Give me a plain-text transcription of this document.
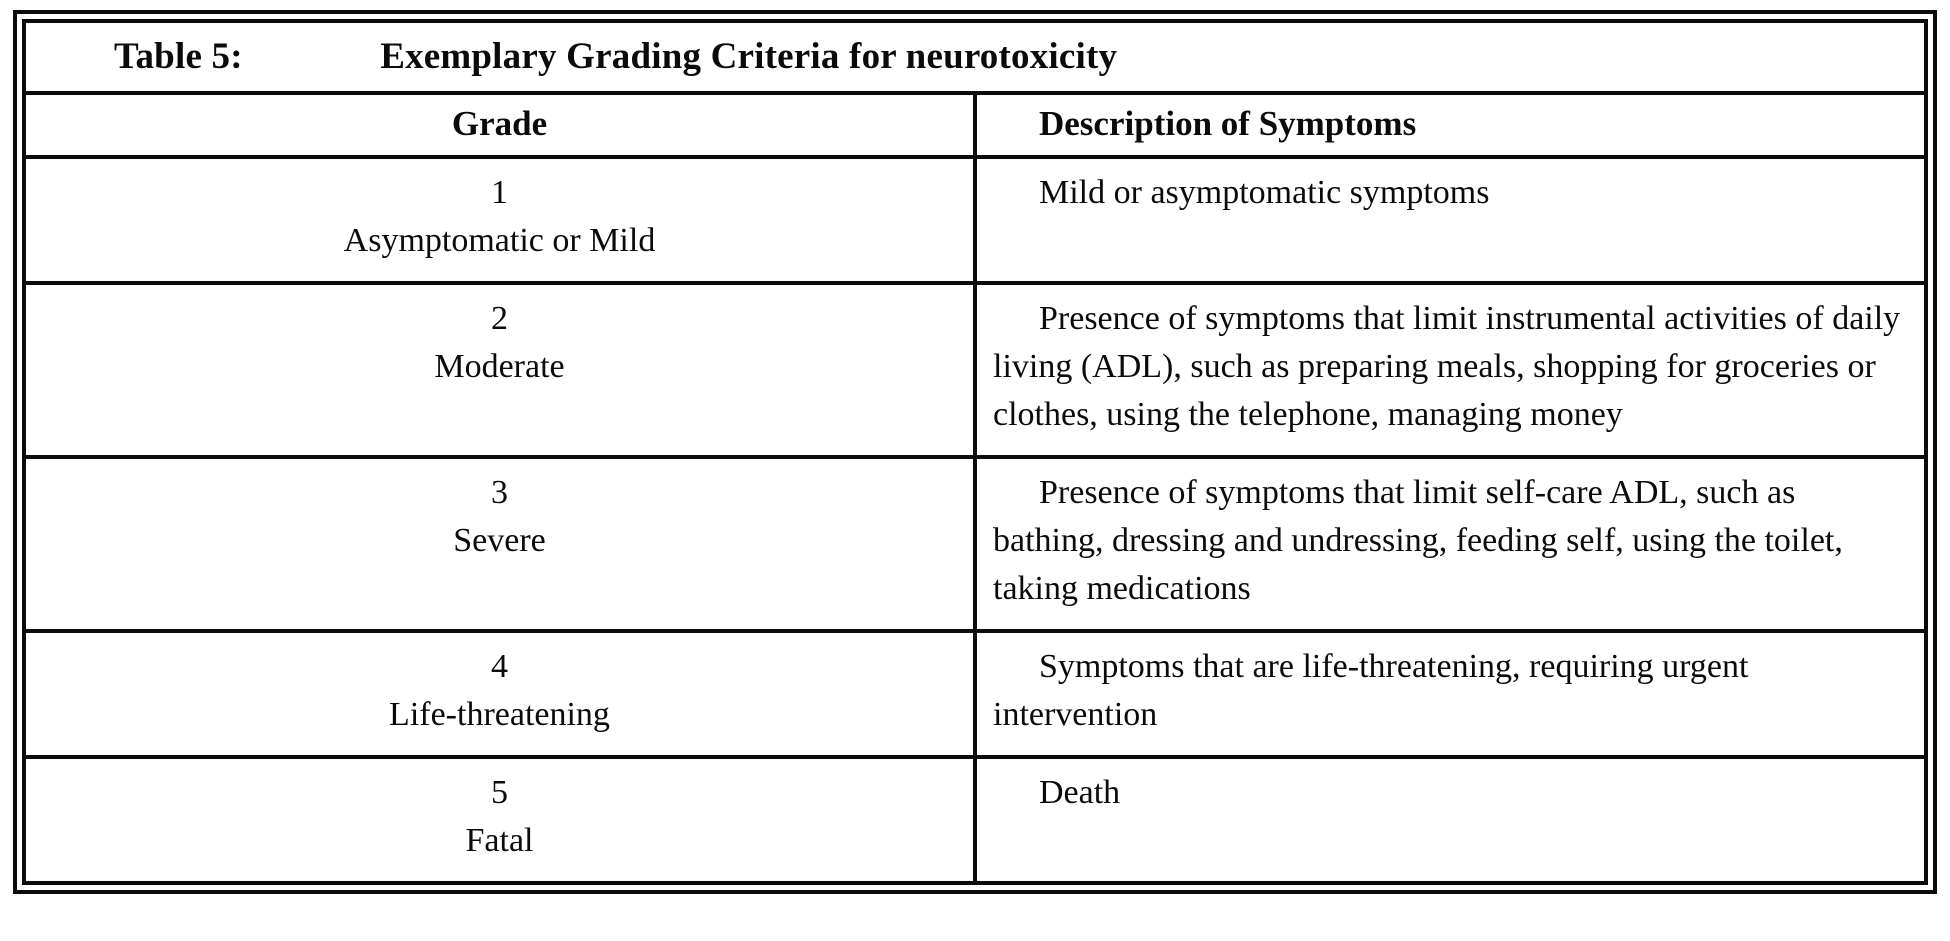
Table 5: Exemplary Grading Criteria for neurotoxicity	
Grade	Description of Symptoms

1
Asymptomatic or Mild	Mild or asymptomatic symptoms

2
Moderate	Presence of symptoms that limit instrumental activities of daily living (ADL), such as preparing meals, shopping for groceries or clothes, using the telephone, managing money

3
Severe	Presence of symptoms that limit self-care ADL, such as bathing, dressing and undressing, feeding self, using the toilet, taking medications

4
Life-threatening	Symptoms that are life-threatening, requiring urgent intervention

5
Fatal	Death
